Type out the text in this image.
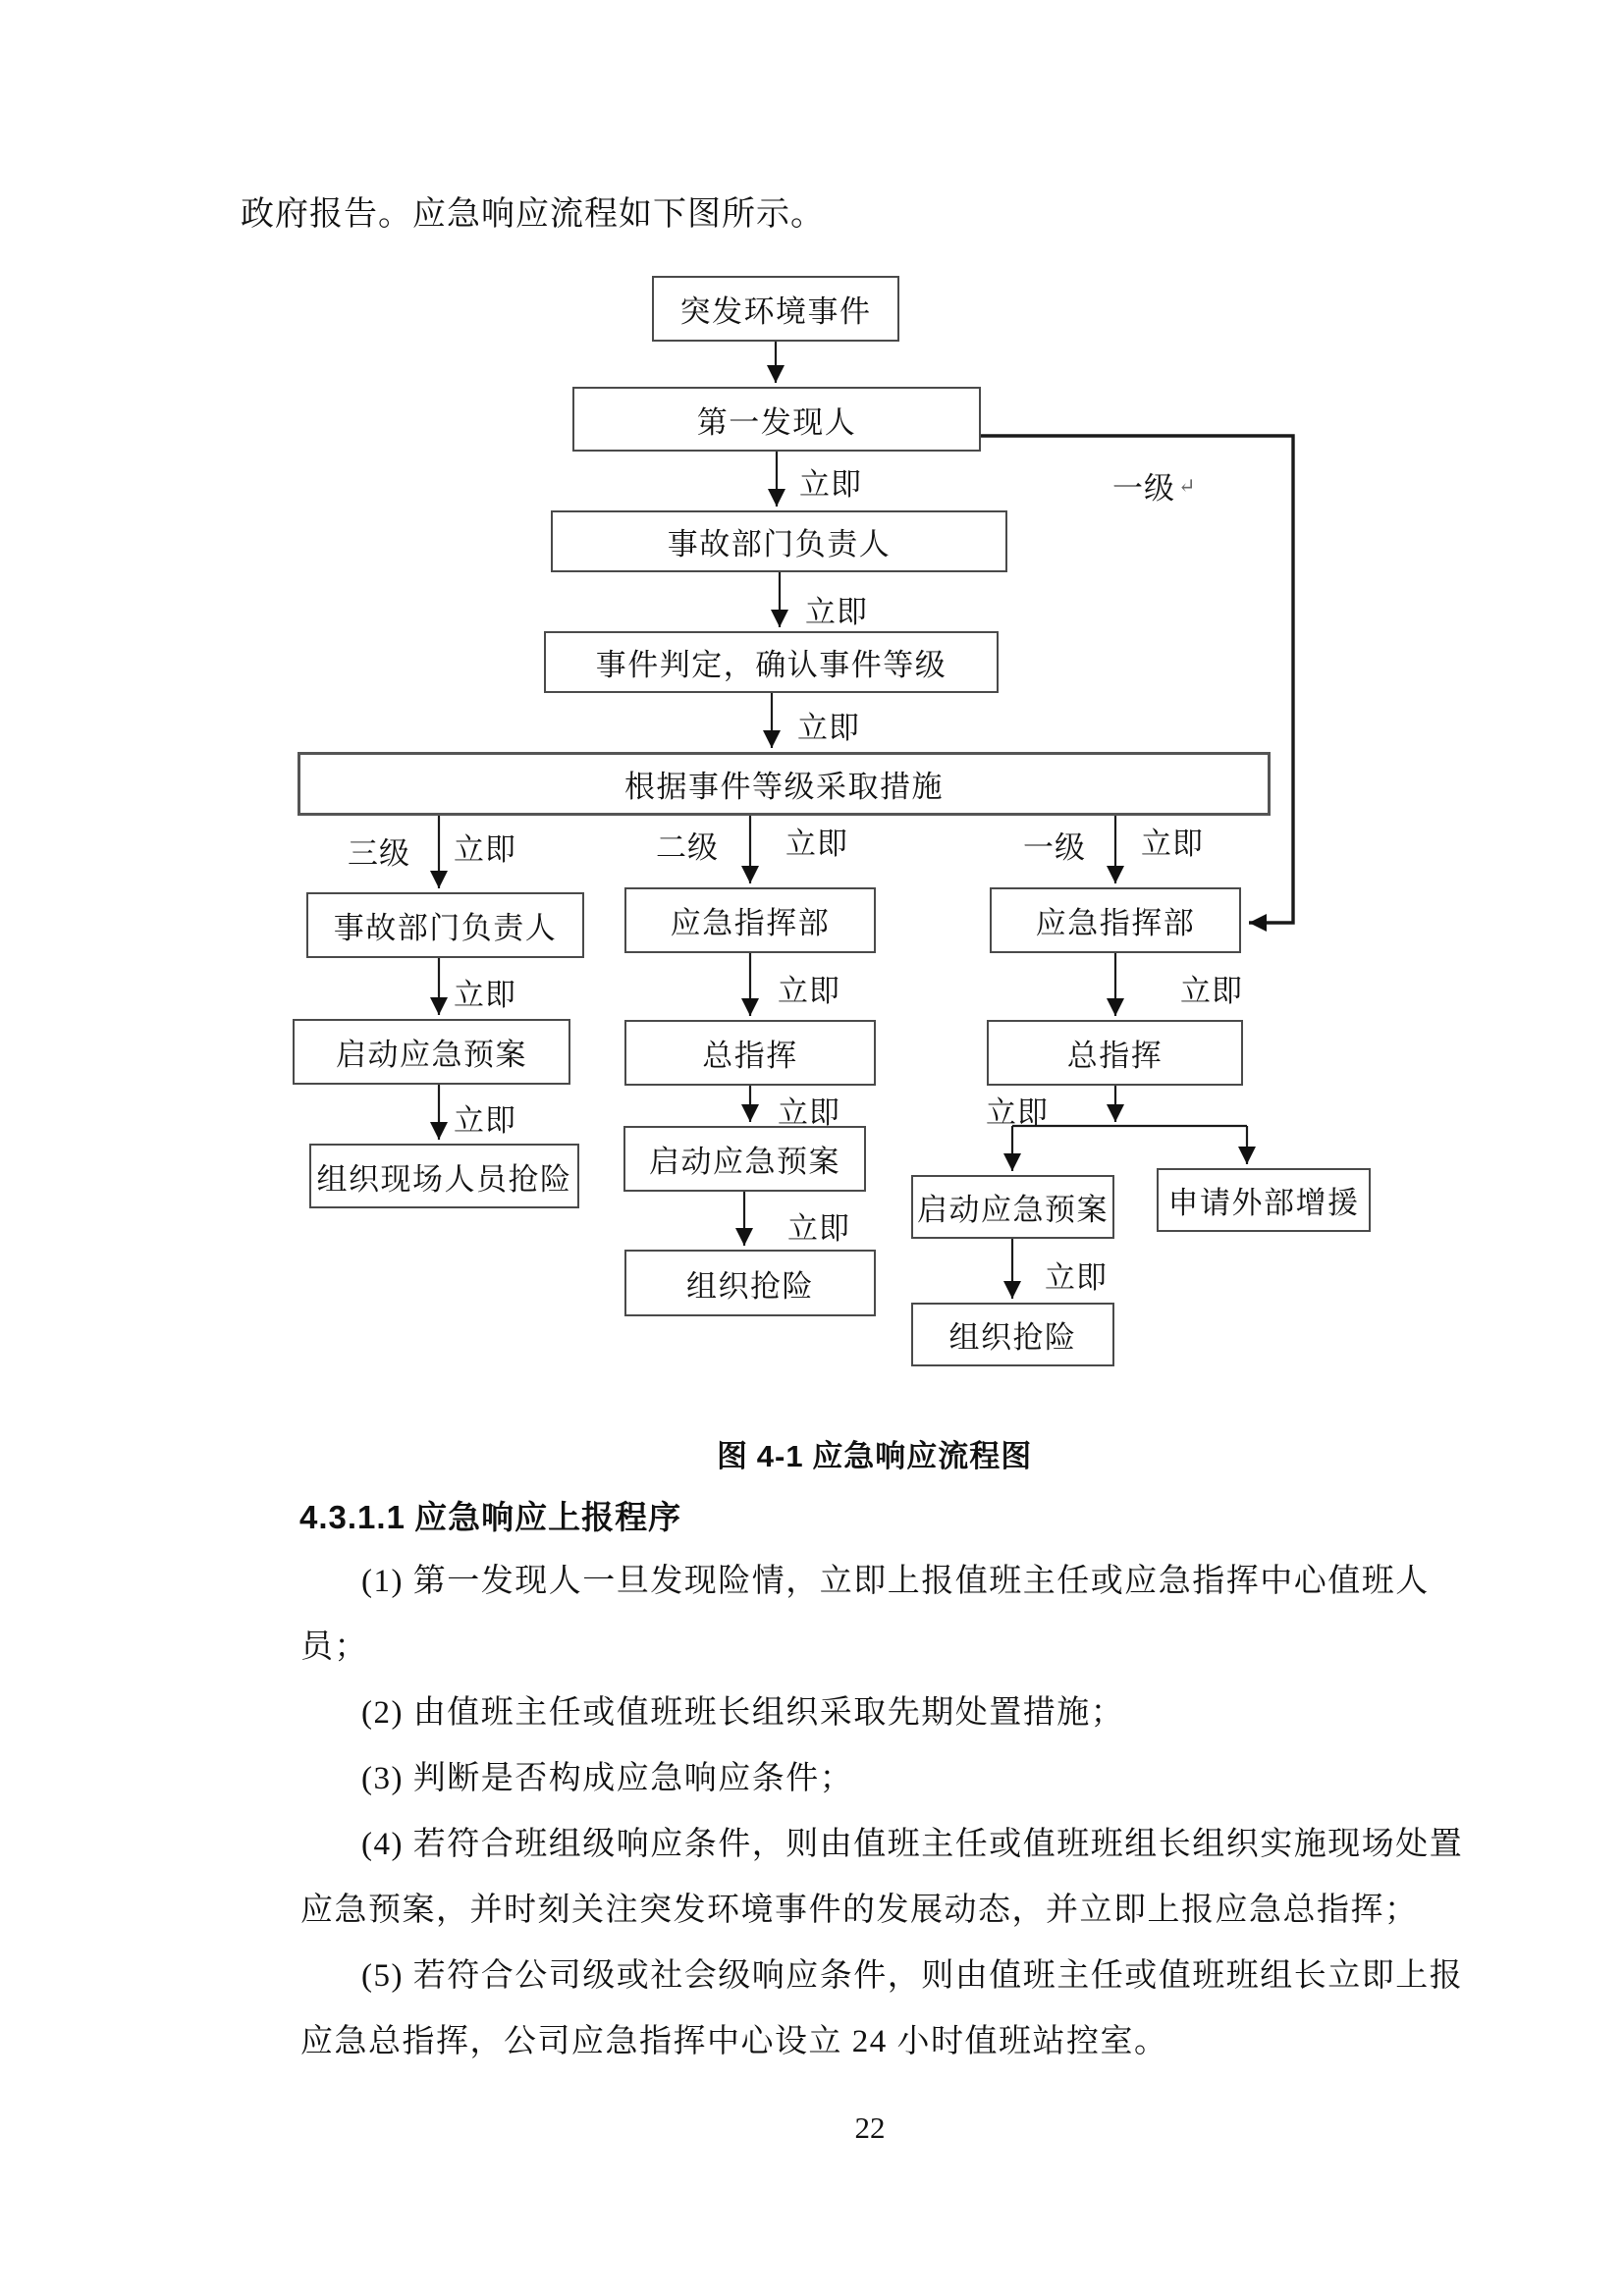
政府报告。应急响应流程如下图所示。
突发环境事件
第一发现人
事故部门负责人
事件判定，确认事件等级
根据事件等级采取措施
事故部门负责人
启动应急预案
组织现场人员抢险
应急指挥部
总指挥
启动应急预案
组织抢险
应急指挥部
总指挥
启动应急预案	申请外部增援
组织抢险
立即
立即
立即
三级 立即	二级 立即	一级 立即
立即
立即
立即
立即
立即
立即
立即
立即
一级 ↵
图 4-1 应急响应流程图
4.3.1.1 应急响应上报程序
(1) 第一发现人一旦发现险情，立即上报值班主任或应急指挥中心值班人
员；
(2) 由值班主任或值班班长组织采取先期处置措施；
(3) 判断是否构成应急响应条件；
(4) 若符合班组级响应条件，则由值班主任或值班班组长组织实施现场处置
应急预案，并时刻关注突发环境事件的发展动态，并立即上报应急总指挥；
(5) 若符合公司级或社会级响应条件，则由值班主任或值班班组长立即上报
应急总指挥，公司应急指挥中心设立 24 小时值班站控室。
22
